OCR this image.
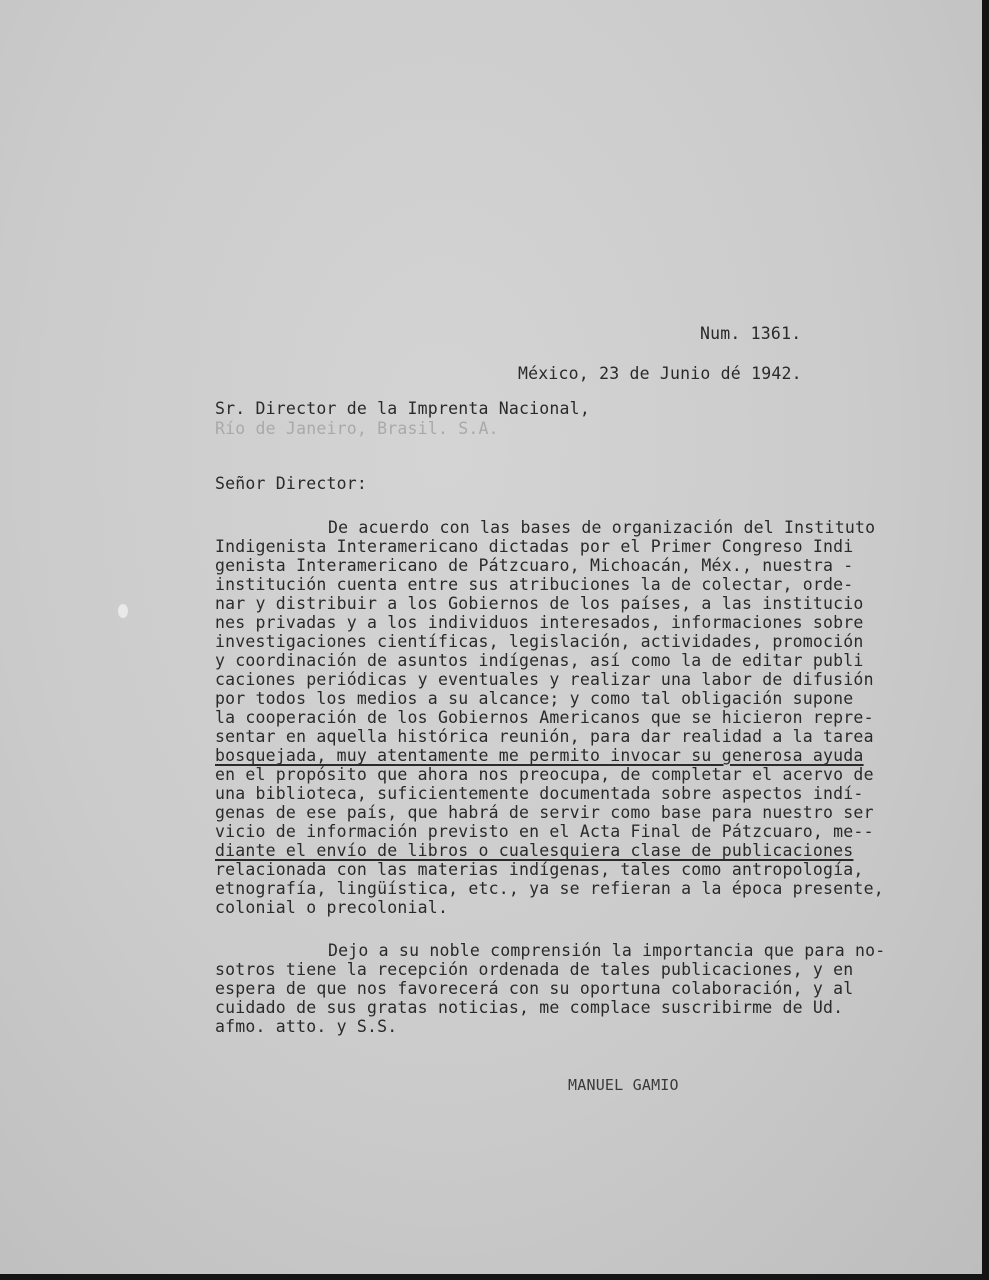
Num. 1361.

México, 23 de Junio dé 1942.

Sr. Director de la Imprenta Nacional,

Río de Janeiro, Brasil. S.A.

Señor Director:

De acuerdo con las bases de organización del Instituto

Indigenista Interamericano dictadas por el Primer Congreso Indi

genista Interamericano de Pátzcuaro, Michoacán, Méx., nuestra -

institución cuenta entre sus atribuciones la de colectar, orde-

nar y distribuir a los Gobiernos de los países, a las institucio

nes privadas y a los individuos interesados, informaciones sobre

investigaciones científicas, legislación, actividades, promoción

y coordinación de asuntos indígenas, así como la de editar publi

caciones periódicas y eventuales y realizar una labor de difusión

por todos los medios a su alcance; y como tal obligación supone

la cooperación de los Gobiernos Americanos que se hicieron repre-

sentar en aquella histórica reunión, para dar realidad a la tarea

bosquejada, muy atentamente me permito invocar su generosa ayuda

en el propósito que ahora nos preocupa, de completar el acervo de

una biblioteca, suficientemente documentada sobre aspectos indí-

genas de ese país, que habrá de servir como base para nuestro ser

vicio de información previsto en el Acta Final de Pátzcuaro, me--

diante el envío de libros o cualesquiera clase de publicaciones

relacionada con las materias indígenas, tales como antropología,

etnografía, lingüística, etc., ya se refieran a la época presente,

colonial o precolonial.

Dejo a su noble comprensión la importancia que para no-

sotros tiene la recepción ordenada de tales publicaciones, y en

espera de que nos favorecerá con su oportuna colaboración, y al

cuidado de sus gratas noticias, me complace suscribirme de Ud.

afmo. atto. y S.S.

MANUEL GAMIO
